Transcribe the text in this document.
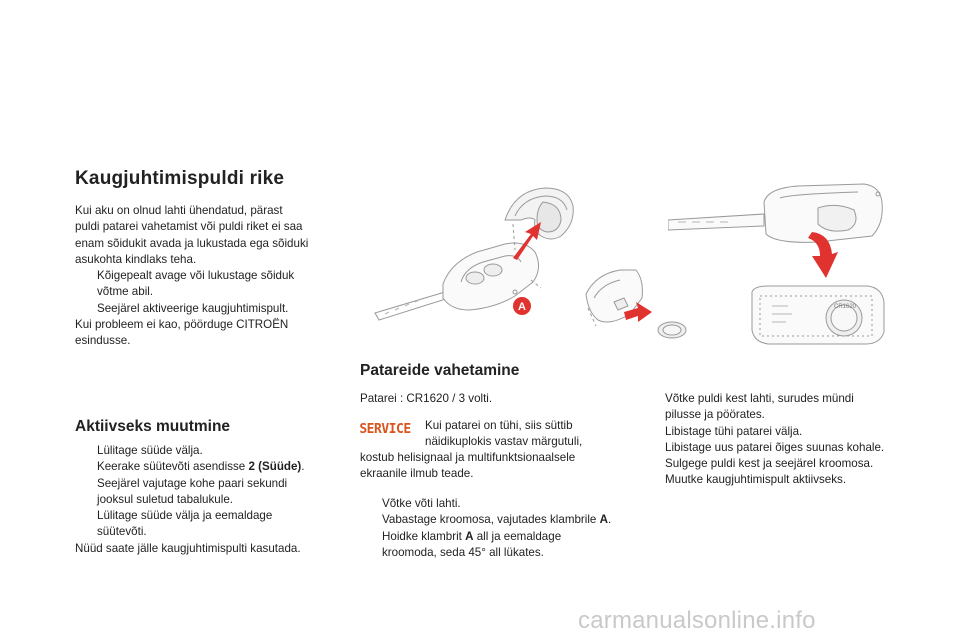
Kaugjuhtimispuldi rike

Kui aku on olnud lahti ühendatud, pärast

puldi patarei vahetamist või puldi riket ei saa

enam sõidukit avada ja lukustada ega sõiduki

asukohta kindlaks teha.

Kõigepealt avage või lukustage sõiduk

võtme abil.

Seejärel aktiveerige kaugjuhtimispult.

Kui probleem ei kao, pöörduge CITROËN

esindusse.

Aktiivseks muutmine

Lülitage süüde välja.

Keerake süütevõti asendisse 2 (Süüde).

Seejärel vajutage kohe paari sekundi

jooksul suletud tabalukule.

Lülitage süüde välja ja eemaldage

süütevõti.

Nüüd saate jälle kaugjuhtimispulti kasutada.

Patareide vahetamine
Patarei : CR1620 / 3 volti.
SERVICE Kui patarei on tühi, siis süttib

näidikuplokis vastav märgutuli,

kostub helisignaal ja multifunktsionaalsele

ekraanile ilmub teade.

Võtke võti lahti.

Vabastage kroomosa, vajutades klambrile A.

Hoidke klambrit A all ja eemaldage

kroomoda, seda 45° all lükates.

Võtke puldi kest lahti, surudes mündi

pilusse ja pöörates.

Libistage tühi patarei välja.

Libistage uus patarei õiges suunas kohale.

Sulgege puldi kest ja seejärel kroomosa.

Muutke kaugjuhtimispult aktiivseks.

A	CR1620
carmanualsonline.info
